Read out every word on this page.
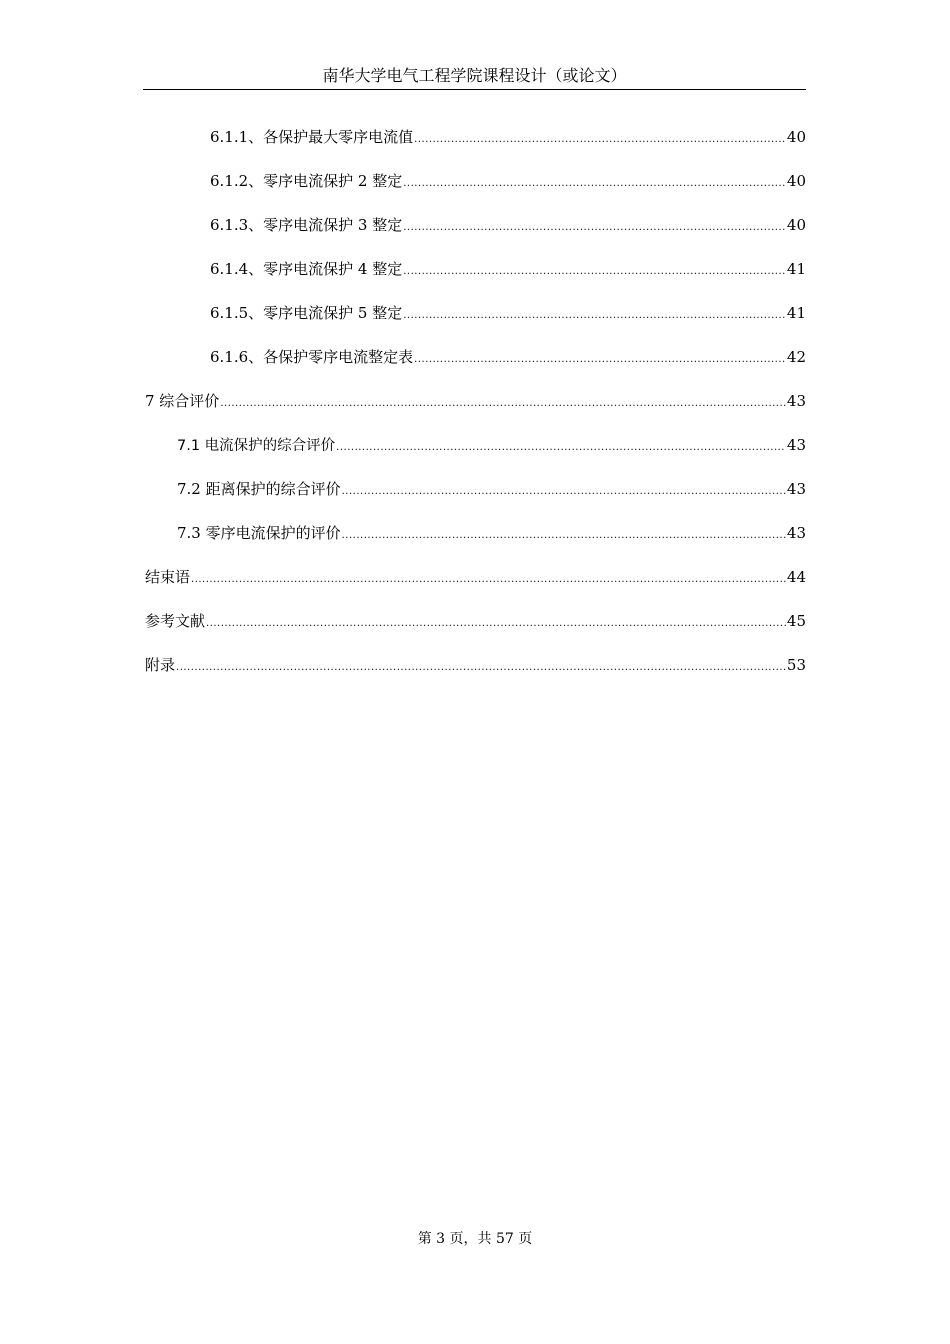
南华大学电气工程学院课程设计（或论文）
6.1.1、各保护最大零序电流值 .....	40
6.1.2、零序电流保护 2 整定 .....	40
6.1.3、零序电流保护 3 整定 .....	40
6.1.4、零序电流保护 4 整定 .....	41
6.1.5、零序电流保护 5 整定 .....	41
6.1.6、各保护零序电流整定表 .....	42
7 综合评价 .....	43
7.1 电流保护的综合评价 .....	43
7.2 距离保护的综合评价 .....	43
7.3 零序电流保护的评价 .....	43
结束语 .....	44
参考文献 .....	45
附录 .....	53
第 3 页，共 57 页
